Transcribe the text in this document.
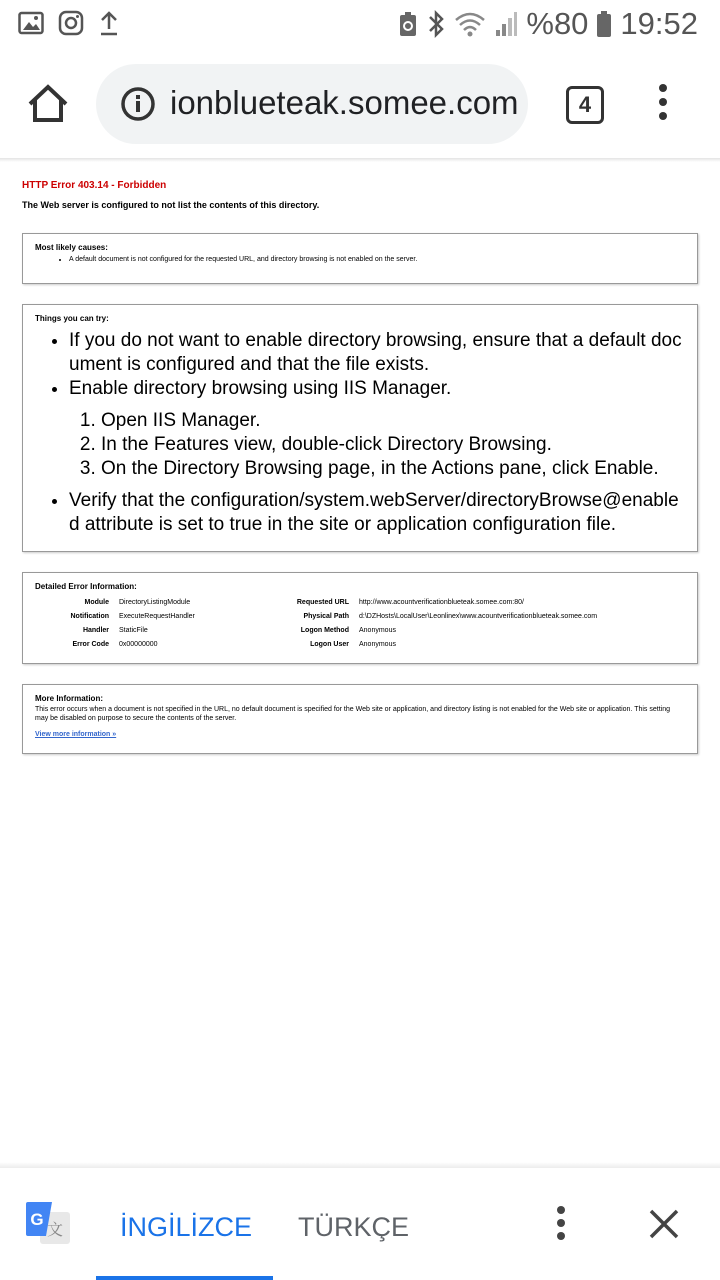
%80 19:52
ionblueteak.somee.com	4
HTTP Error 403.14 - Forbidden
The Web server is configured to not list the contents of this directory.
Most likely causes:
• A default document is not configured for the requested URL, and directory browsing is not enabled on the server.
Things you can try:
• If you do not want to enable directory browsing, ensure that a default document is configured and that the file exists.
• Enable directory browsing using IIS Manager.
1. Open IIS Manager.
2. In the Features view, double-click Directory Browsing.
3. On the Directory Browsing page, in the Actions pane, click Enable.
• Verify that the configuration/system.webServer/directoryBrowse@enabled attribute is set to true in the site or application configuration file.
Detailed Error Information:
Module DirectoryListingModule
Notification ExecuteRequestHandler
Handler StaticFile
Error Code 0x00000000
Requested URL http://www.acountverificationblueteak.somee.com:80/
Physical Path d:\DZHosts\LocalUser\Leonlinex\www.acountverificationblueteak.somee.com
Logon Method Anonymous
Logon User Anonymous
More Information:
This error occurs when a document is not specified in the URL, no default document is specified for the Web site or application, and directory listing is not enabled for the Web site or application. This setting may be disabled on purpose to secure the contents of the server.
View more information »
文
G	İNGİLİZCE TÜRKÇE
